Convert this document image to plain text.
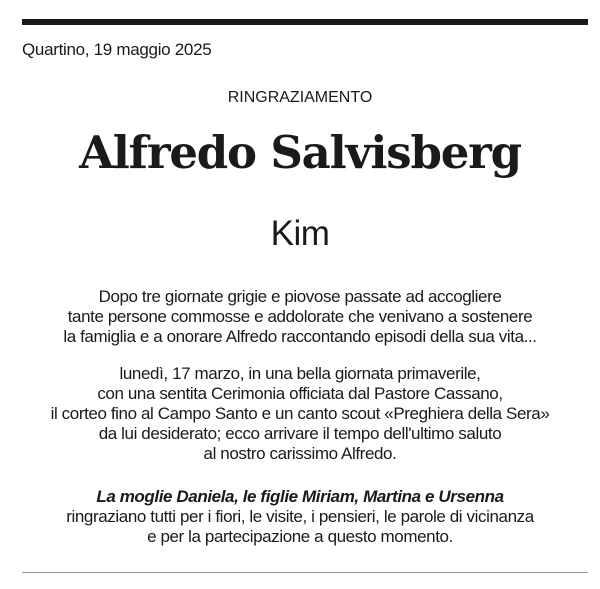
Quartino, 19 maggio 2025
RINGRAZIAMENTO
Alfredo Salvisberg
Kim
Dopo tre giornate grigie e piovose passate ad accogliere
tante persone commosse e addolorate che venivano a sostenere
la famiglia e a onorare Alfredo raccontando episodi della sua vita...
lunedì, 17 marzo, in una bella giornata primaverile,
con una sentita Cerimonia officiata dal Pastore Cassano,
il corteo fino al Campo Santo e un canto scout «Preghiera della Sera»
da lui desiderato; ecco arrivare il tempo dell'ultimo saluto
al nostro carissimo Alfredo.
La moglie Daniela, le figlie Miriam, Martina e Ursenna
ringraziano tutti per i fiori, le visite, i pensieri, le parole di vicinanza
e per la partecipazione a questo momento.
